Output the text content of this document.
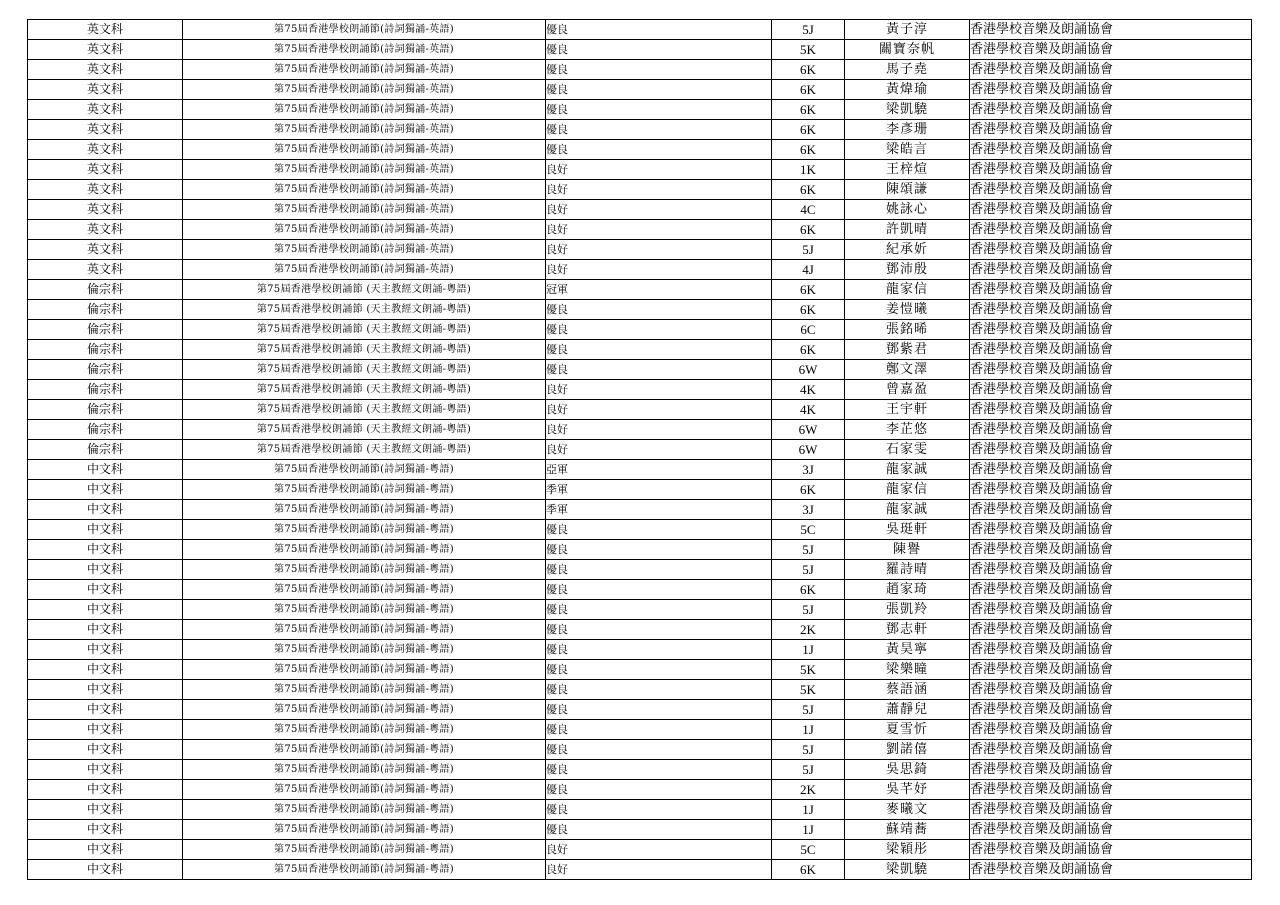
英文科	第75屆香港學校朗誦節(詩詞獨誦-英語)	優良	5J	黃子淳	香港學校音樂及朗誦協會
英文科	第75屆香港學校朗誦節(詩詞獨誦-英語)	優良	5K	關寶奈帆	香港學校音樂及朗誦協會
英文科	第75屆香港學校朗誦節(詩詞獨誦-英語)	優良	6K	馬子堯	香港學校音樂及朗誦協會
英文科	第75屆香港學校朗誦節(詩詞獨誦-英語)	優良	6K	黃煒瑜	香港學校音樂及朗誦協會
英文科	第75屆香港學校朗誦節(詩詞獨誦-英語)	優良	6K	梁凱驍	香港學校音樂及朗誦協會
英文科	第75屆香港學校朗誦節(詩詞獨誦-英語)	優良	6K	李彥珊	香港學校音樂及朗誦協會
英文科	第75屆香港學校朗誦節(詩詞獨誦-英語)	優良	6K	梁皓言	香港學校音樂及朗誦協會
英文科	第75屆香港學校朗誦節(詩詞獨誦-英語)	良好	1K	王梓煊	香港學校音樂及朗誦協會
英文科	第75屆香港學校朗誦節(詩詞獨誦-英語)	良好	6K	陳頌謙	香港學校音樂及朗誦協會
英文科	第75屆香港學校朗誦節(詩詞獨誦-英語)	良好	4C	姚詠心	香港學校音樂及朗誦協會
英文科	第75屆香港學校朗誦節(詩詞獨誦-英語)	良好	6K	許凱晴	香港學校音樂及朗誦協會
英文科	第75屆香港學校朗誦節(詩詞獨誦-英語)	良好	5J	紀承妡	香港學校音樂及朗誦協會
英文科	第75屆香港學校朗誦節(詩詞獨誦-英語)	良好	4J	鄧沛殷	香港學校音樂及朗誦協會
倫宗科	第75屆香港學校朗誦節 (天主教經文朗誦-粵語)	冠軍	6K	龍家信	香港學校音樂及朗誦協會
倫宗科	第75屆香港學校朗誦節 (天主教經文朗誦-粵語)	優良	6K	姜愷曦	香港學校音樂及朗誦協會
倫宗科	第75屆香港學校朗誦節 (天主教經文朗誦-粵語)	優良	6C	張銘晞	香港學校音樂及朗誦協會
倫宗科	第75屆香港學校朗誦節 (天主教經文朗誦-粵語)	優良	6K	鄧紫君	香港學校音樂及朗誦協會
倫宗科	第75屆香港學校朗誦節 (天主教經文朗誦-粵語)	優良	6W	鄭文澤	香港學校音樂及朗誦協會
倫宗科	第75屆香港學校朗誦節 (天主教經文朗誦-粵語)	良好	4K	曾嘉盈	香港學校音樂及朗誦協會
倫宗科	第75屆香港學校朗誦節 (天主教經文朗誦-粵語)	良好	4K	王宇軒	香港學校音樂及朗誦協會
倫宗科	第75屆香港學校朗誦節 (天主教經文朗誦-粵語)	良好	6W	李芷悠	香港學校音樂及朗誦協會
倫宗科	第75屆香港學校朗誦節 (天主教經文朗誦-粵語)	良好	6W	石家雯	香港學校音樂及朗誦協會
中文科	第75屆香港學校朗誦節(詩詞獨誦-粵語)	亞軍	3J	龍家誠	香港學校音樂及朗誦協會
中文科	第75屆香港學校朗誦節(詩詞獨誦-粵語)	季軍	6K	龍家信	香港學校音樂及朗誦協會
中文科	第75屆香港學校朗誦節(詩詞獨誦-粵語)	季軍	3J	龍家誠	香港學校音樂及朗誦協會
中文科	第75屆香港學校朗誦節(詩詞獨誦-粵語)	優良	5C	吳珽軒	香港學校音樂及朗誦協會
中文科	第75屆香港學校朗誦節(詩詞獨誦-粵語)	優良	5J	陳譽	香港學校音樂及朗誦協會
中文科	第75屆香港學校朗誦節(詩詞獨誦-粵語)	優良	5J	羅詩晴	香港學校音樂及朗誦協會
中文科	第75屆香港學校朗誦節(詩詞獨誦-粵語)	優良	6K	趙家琦	香港學校音樂及朗誦協會
中文科	第75屆香港學校朗誦節(詩詞獨誦-粵語)	優良	5J	張凱羚	香港學校音樂及朗誦協會
中文科	第75屆香港學校朗誦節(詩詞獨誦-粵語)	優良	2K	鄧志軒	香港學校音樂及朗誦協會
中文科	第75屆香港學校朗誦節(詩詞獨誦-粵語)	優良	1J	黃昊寧	香港學校音樂及朗誦協會
中文科	第75屆香港學校朗誦節(詩詞獨誦-粵語)	優良	5K	梁樂瞳	香港學校音樂及朗誦協會
中文科	第75屆香港學校朗誦節(詩詞獨誦-粵語)	優良	5K	蔡語涵	香港學校音樂及朗誦協會
中文科	第75屆香港學校朗誦節(詩詞獨誦-粵語)	優良	5J	蕭靜兒	香港學校音樂及朗誦協會
中文科	第75屆香港學校朗誦節(詩詞獨誦-粵語)	優良	1J	夏雪忻	香港學校音樂及朗誦協會
中文科	第75屆香港學校朗誦節(詩詞獨誦-粵語)	優良	5J	劉諾僖	香港學校音樂及朗誦協會
中文科	第75屆香港學校朗誦節(詩詞獨誦-粵語)	優良	5J	吳思錡	香港學校音樂及朗誦協會
中文科	第75屆香港學校朗誦節(詩詞獨誦-粵語)	優良	2K	吳芊妤	香港學校音樂及朗誦協會
中文科	第75屆香港學校朗誦節(詩詞獨誦-粵語)	優良	1J	麥曦文	香港學校音樂及朗誦協會
中文科	第75屆香港學校朗誦節(詩詞獨誦-粵語)	優良	1J	蘇靖蕎	香港學校音樂及朗誦協會
中文科	第75屆香港學校朗誦節(詩詞獨誦-粵語)	良好	5C	梁穎彤	香港學校音樂及朗誦協會
中文科	第75屆香港學校朗誦節(詩詞獨誦-粵語)	良好	6K	梁凱驍	香港學校音樂及朗誦協會
